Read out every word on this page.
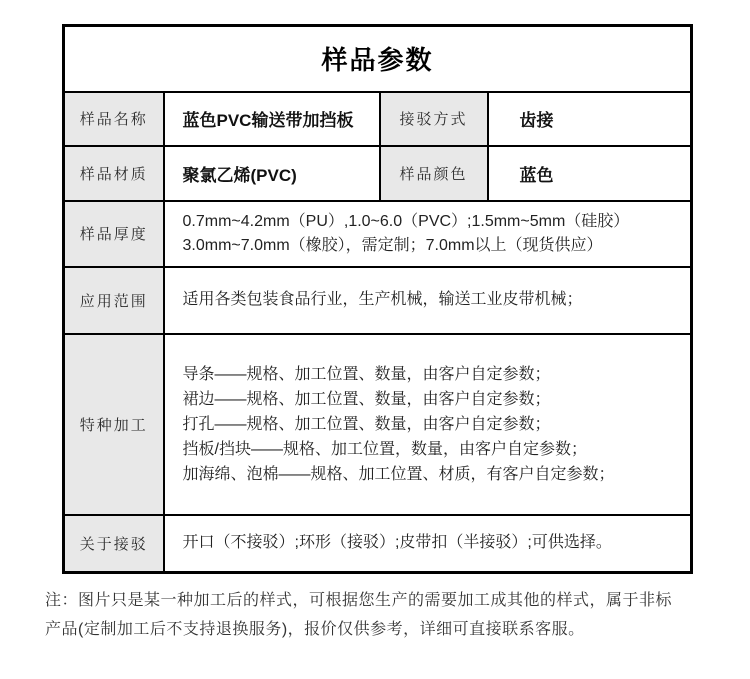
样品参数			
样品名称	蓝色PVC输送带加挡板	接驳方式	齿接
样品材质	聚氯乙烯(PVC)	样品颜色	蓝色
样品厚度	0.7mm~4.2mm（PU）,1.0~6.0（PVC）;1.5mm~5mm（硅胶）
3.0mm~7.0mm（橡胶），需定制；7.0mm以上（现货供应）		

应用范围	适用各类包装食品行业，生产机械，输送工业皮带机械；		
特种加工	导条——规格、加工位置、数量，由客户自定参数；
裙边——规格、加工位置、数量，由客户自定参数；
打孔——规格、加工位置、数量，由客户自定参数；
挡板/挡块——规格、加工位置，数量，由客户自定参数；
加海绵、泡棉——规格、加工位置、材质，有客户自定参数；		

关于接驳	开口（不接驳）;环形（接驳）;皮带扣（半接驳）;可供选择。		
注：图片只是某一种加工后的样式，可根据您生产的需要加工成其他的样式，属于非标
产品(定制加工后不支持退换服务)，报价仅供参考，详细可直接联系客服。
